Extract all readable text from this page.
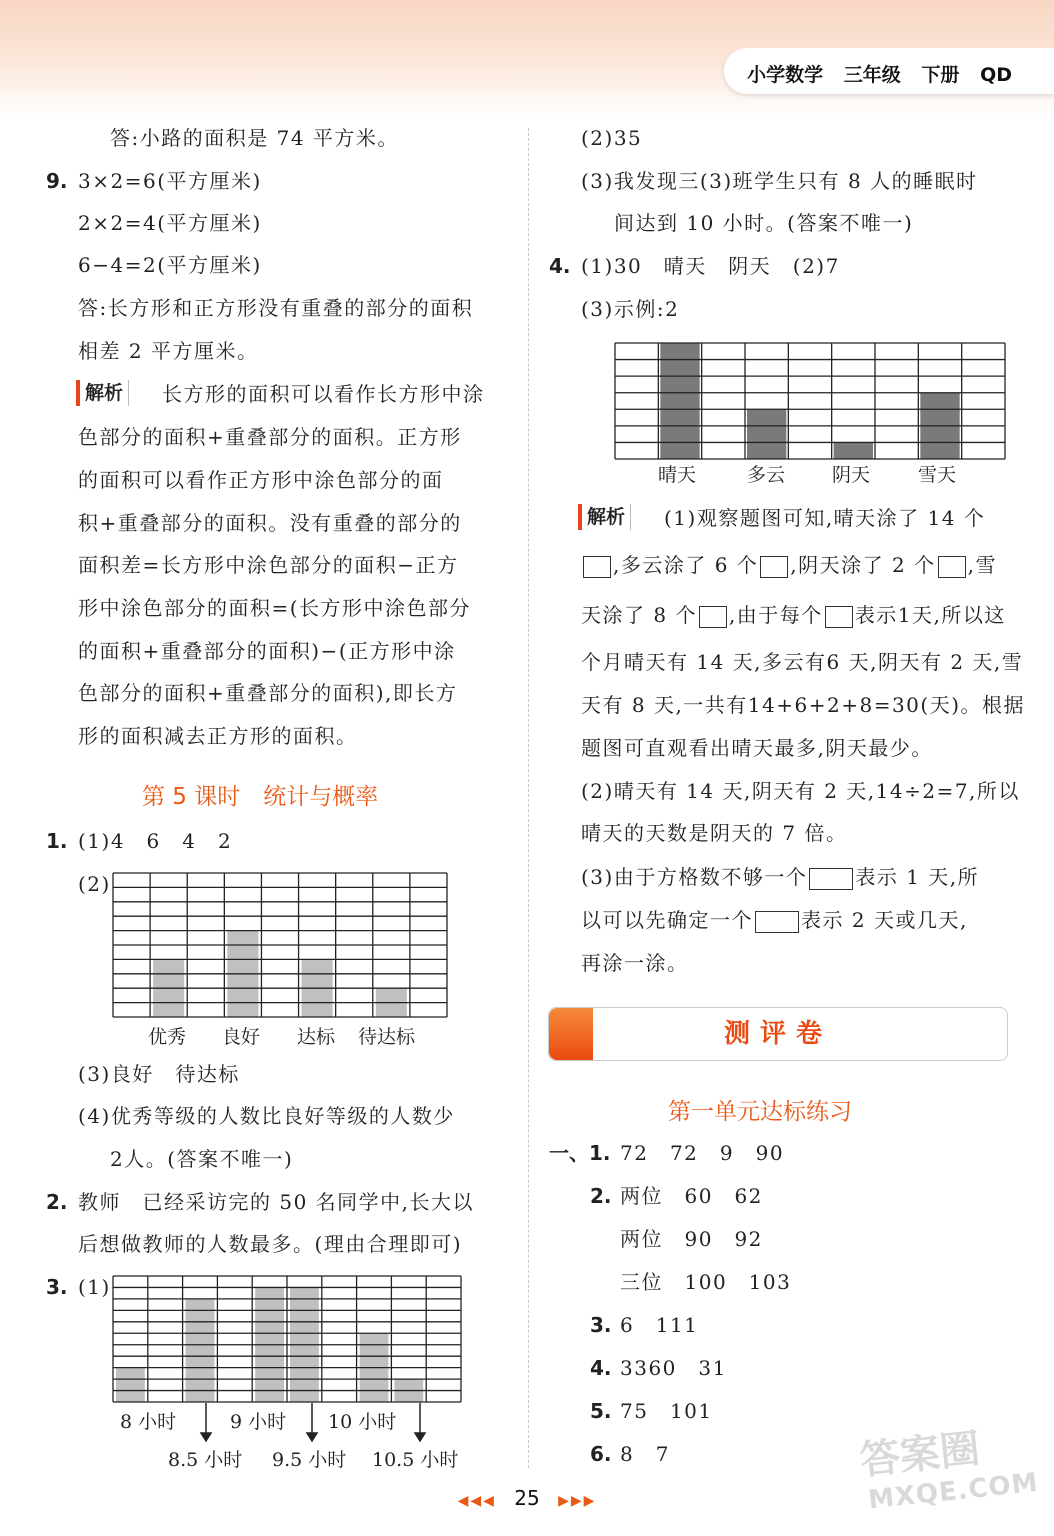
小学数学 三年级 下册 QD
答:小路的面积是 74 平方米。
9. 3×2=6(平方厘米)
2×2=4(平方厘米)
6−4=2(平方厘米)
答:长方形和正方形没有重叠的部分的面积
相差 2 平方厘米。
解析	长方形的面积可以看作长方形中涂
色部分的面积+重叠部分的面积。正方形
的面积可以看作正方形中涂色部分的面
积+重叠部分的面积。没有重叠的部分的
面积差=长方形中涂色部分的面积−正方
形中涂色部分的面积=(长方形中涂色部分
的面积+重叠部分的面积)−(正方形中涂
色部分的面积+重叠部分的面积),即长方
形的面积减去正方形的面积。
第 5 课时　统计与概率
1. (1)4　6　4　2
(2)
优秀 良好 达标 待达标
(3)良好　待达标
(4)优秀等级的人数比良好等级的人数少
2人。(答案不唯一)
2. 教师　已经采访完的 50 名同学中,长大以
后想做教师的人数最多。(理由合理即可)
3. (1)
8 小时	9 小时 10 小时
8.5 小时 9.5 小时 10.5 小时
(2)35
(3)我发现三(3)班学生只有 8 人的睡眠时
间达到 10 小时。(答案不唯一)
4. (1)30　晴天　阴天　(2)7
(3)示例:2
晴天	多云 阴天	雪天
解析	(1)观察题图可知,晴天涂了 14 个
,多云涂了 6 个 ,阴天涂了 2 个 ,雪
天涂了 8 个 ,由于每个 表示1天,所以这
个月晴天有 14 天,多云有6 天,阴天有 2 天,雪
天有 8 天,一共有14+6+2+8=30(天)。根据
题图可直观看出晴天最多,阴天最少。
(2)晴天有 14 天,阴天有 2 天,14÷2=7,所以
晴天的天数是阴天的 7 倍。
(3)由于方格数不够一个 表示 1 天,所
以可以先确定一个 表示 2 天或几天,
再涂一涂。
测评卷
第一单元达标练习
一、1. 72　72　9　90
2. 两位　60　62
两位　90　92
三位　100　103
3. 6　111
4. 3360　31
5. 75　101
6. 8　7
◀◀◀ 25 ▶▶▶
答案圈
MXQE.COM
